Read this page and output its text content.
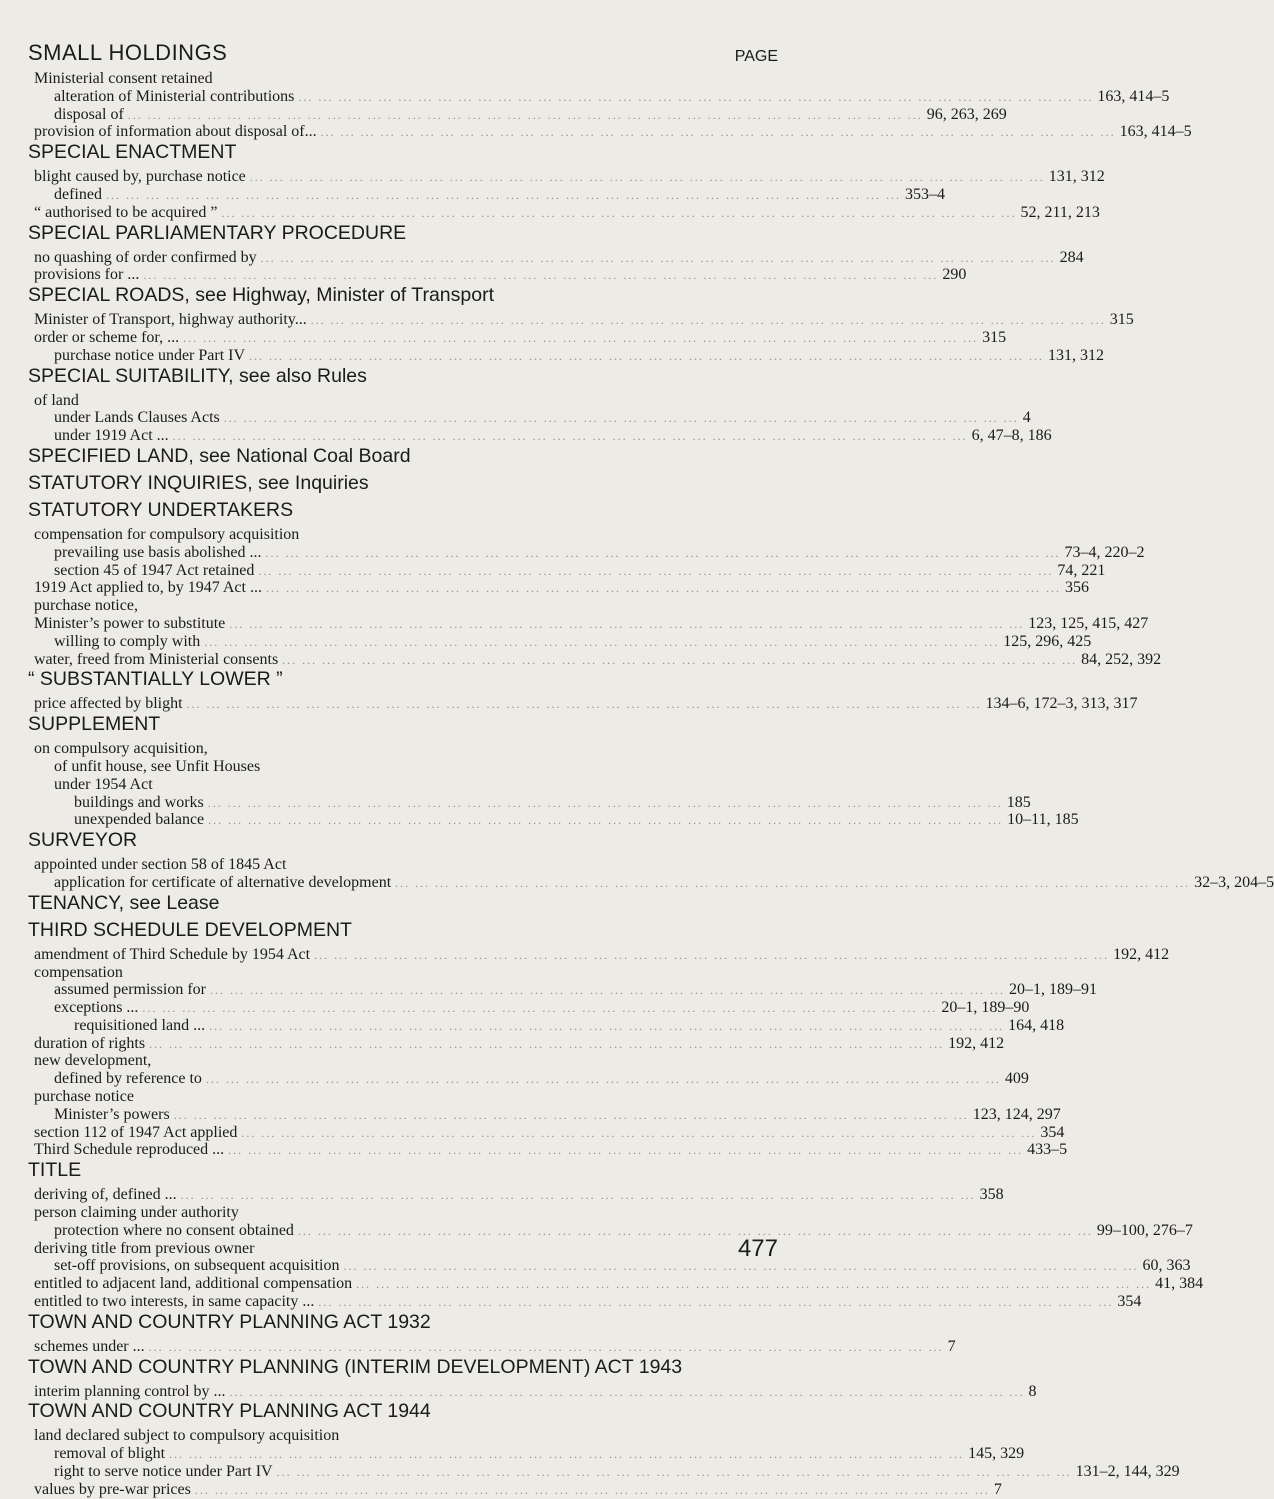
SMALL HOLDINGS	PAGE
Ministerial consent retained
alteration of Ministerial contributions ... ... ... ... ... ... ... ... ... ... ... ... ... ... ... ... ... ... ... ... ... ... ... ... ... ... ... ... ... ... ... ... ... ... ... ... ... ... ... ... 163, 414–5
disposal of ... ... ... ... ... ... ... ... ... ... ... ... ... ... ... ... ... ... ... ... ... ... ... ... ... ... ... ... ... ... ... ... ... ... ... ... ... ... ... ... 96, 263, 269
provision of information about disposal of... ... ... ... ... ... ... ... ... ... ... ... ... ... ... ... ... ... ... ... ... ... ... ... ... ... ... ... ... ... ... ... ... ... ... ... ... ... ... ... ... 163, 414–5
SPECIAL ENACTMENT
blight caused by, purchase notice ... ... ... ... ... ... ... ... ... ... ... ... ... ... ... ... ... ... ... ... ... ... ... ... ... ... ... ... ... ... ... ... ... ... ... ... ... ... ... ... 131, 312
defined ... ... ... ... ... ... ... ... ... ... ... ... ... ... ... ... ... ... ... ... ... ... ... ... ... ... ... ... ... ... ... ... ... ... ... ... ... ... ... ... 353–4
“ authorised to be acquired ” ... ... ... ... ... ... ... ... ... ... ... ... ... ... ... ... ... ... ... ... ... ... ... ... ... ... ... ... ... ... ... ... ... ... ... ... ... ... ... ... 52, 211, 213
SPECIAL PARLIAMENTARY PROCEDURE
no quashing of order confirmed by ... ... ... ... ... ... ... ... ... ... ... ... ... ... ... ... ... ... ... ... ... ... ... ... ... ... ... ... ... ... ... ... ... ... ... ... ... ... ... ... 284
provisions for ... ... ... ... ... ... ... ... ... ... ... ... ... ... ... ... ... ... ... ... ... ... ... ... ... ... ... ... ... ... ... ... ... ... ... ... ... ... ... ... ... 290
SPECIAL ROADS, see Highway, Minister of Transport
Minister of Transport, highway authority... ... ... ... ... ... ... ... ... ... ... ... ... ... ... ... ... ... ... ... ... ... ... ... ... ... ... ... ... ... ... ... ... ... ... ... ... ... ... ... ... 315
order or scheme for, ... ... ... ... ... ... ... ... ... ... ... ... ... ... ... ... ... ... ... ... ... ... ... ... ... ... ... ... ... ... ... ... ... ... ... ... ... ... ... ... ... 315
purchase notice under Part IV ... ... ... ... ... ... ... ... ... ... ... ... ... ... ... ... ... ... ... ... ... ... ... ... ... ... ... ... ... ... ... ... ... ... ... ... ... ... ... ... 131, 312
SPECIAL SUITABILITY, see also Rules
of land
under Lands Clauses Acts ... ... ... ... ... ... ... ... ... ... ... ... ... ... ... ... ... ... ... ... ... ... ... ... ... ... ... ... ... ... ... ... ... ... ... ... ... ... ... ... 4
under 1919 Act ... ... ... ... ... ... ... ... ... ... ... ... ... ... ... ... ... ... ... ... ... ... ... ... ... ... ... ... ... ... ... ... ... ... ... ... ... ... ... ... ... 6, 47–8, 186
SPECIFIED LAND, see National Coal Board
STATUTORY INQUIRIES, see Inquiries
STATUTORY UNDERTAKERS
compensation for compulsory acquisition
prevailing use basis abolished ... ... ... ... ... ... ... ... ... ... ... ... ... ... ... ... ... ... ... ... ... ... ... ... ... ... ... ... ... ... ... ... ... ... ... ... ... ... ... ... ... 73–4, 220–2
section 45 of 1947 Act retained ... ... ... ... ... ... ... ... ... ... ... ... ... ... ... ... ... ... ... ... ... ... ... ... ... ... ... ... ... ... ... ... ... ... ... ... ... ... ... ... 74, 221
1919 Act applied to, by 1947 Act ... ... ... ... ... ... ... ... ... ... ... ... ... ... ... ... ... ... ... ... ... ... ... ... ... ... ... ... ... ... ... ... ... ... ... ... ... ... ... ... ... 356
purchase notice,
Minister’s power to substitute ... ... ... ... ... ... ... ... ... ... ... ... ... ... ... ... ... ... ... ... ... ... ... ... ... ... ... ... ... ... ... ... ... ... ... ... ... ... ... ... 123, 125, 415, 427
willing to comply with ... ... ... ... ... ... ... ... ... ... ... ... ... ... ... ... ... ... ... ... ... ... ... ... ... ... ... ... ... ... ... ... ... ... ... ... ... ... ... ... 125, 296, 425
water, freed from Ministerial consents ... ... ... ... ... ... ... ... ... ... ... ... ... ... ... ... ... ... ... ... ... ... ... ... ... ... ... ... ... ... ... ... ... ... ... ... ... ... ... ... 84, 252, 392
“ SUBSTANTIALLY LOWER ”
price affected by blight ... ... ... ... ... ... ... ... ... ... ... ... ... ... ... ... ... ... ... ... ... ... ... ... ... ... ... ... ... ... ... ... ... ... ... ... ... ... ... ... 134–6, 172–3, 313, 317
SUPPLEMENT
on compulsory acquisition,
of unfit house, see Unfit Houses
under 1954 Act
buildings and works ... ... ... ... ... ... ... ... ... ... ... ... ... ... ... ... ... ... ... ... ... ... ... ... ... ... ... ... ... ... ... ... ... ... ... ... ... ... ... ... 185
unexpended balance ... ... ... ... ... ... ... ... ... ... ... ... ... ... ... ... ... ... ... ... ... ... ... ... ... ... ... ... ... ... ... ... ... ... ... ... ... ... ... ... 10–11, 185
SURVEYOR
appointed under section 58 of 1845 Act
application for certificate of alternative development ... ... ... ... ... ... ... ... ... ... ... ... ... ... ... ... ... ... ... ... ... ... ... ... ... ... ... ... ... ... ... ... ... ... ... ... ... ... ... ... 32–3, 204–5
TENANCY, see Lease
THIRD SCHEDULE DEVELOPMENT
amendment of Third Schedule by 1954 Act ... ... ... ... ... ... ... ... ... ... ... ... ... ... ... ... ... ... ... ... ... ... ... ... ... ... ... ... ... ... ... ... ... ... ... ... ... ... ... ... 192, 412
compensation
assumed permission for ... ... ... ... ... ... ... ... ... ... ... ... ... ... ... ... ... ... ... ... ... ... ... ... ... ... ... ... ... ... ... ... ... ... ... ... ... ... ... ... 20–1, 189–91
exceptions ... ... ... ... ... ... ... ... ... ... ... ... ... ... ... ... ... ... ... ... ... ... ... ... ... ... ... ... ... ... ... ... ... ... ... ... ... ... ... ... ... 20–1, 189–90
requisitioned land ... ... ... ... ... ... ... ... ... ... ... ... ... ... ... ... ... ... ... ... ... ... ... ... ... ... ... ... ... ... ... ... ... ... ... ... ... ... ... ... ... 164, 418
duration of rights ... ... ... ... ... ... ... ... ... ... ... ... ... ... ... ... ... ... ... ... ... ... ... ... ... ... ... ... ... ... ... ... ... ... ... ... ... ... ... ... 192, 412
new development,
defined by reference to ... ... ... ... ... ... ... ... ... ... ... ... ... ... ... ... ... ... ... ... ... ... ... ... ... ... ... ... ... ... ... ... ... ... ... ... ... ... ... ... 409
purchase notice
Minister’s powers ... ... ... ... ... ... ... ... ... ... ... ... ... ... ... ... ... ... ... ... ... ... ... ... ... ... ... ... ... ... ... ... ... ... ... ... ... ... ... ... 123, 124, 297
section 112 of 1947 Act applied ... ... ... ... ... ... ... ... ... ... ... ... ... ... ... ... ... ... ... ... ... ... ... ... ... ... ... ... ... ... ... ... ... ... ... ... ... ... ... ... 354
Third Schedule reproduced ... ... ... ... ... ... ... ... ... ... ... ... ... ... ... ... ... ... ... ... ... ... ... ... ... ... ... ... ... ... ... ... ... ... ... ... ... ... ... ... ... 433–5
TITLE
deriving of, defined ... ... ... ... ... ... ... ... ... ... ... ... ... ... ... ... ... ... ... ... ... ... ... ... ... ... ... ... ... ... ... ... ... ... ... ... ... ... ... ... ... 358
person claiming under authority
protection where no consent obtained ... ... ... ... ... ... ... ... ... ... ... ... ... ... ... ... ... ... ... ... ... ... ... ... ... ... ... ... ... ... ... ... ... ... ... ... ... ... ... ... 99–100, 276–7
deriving title from previous owner
set-off provisions, on subsequent acquisition ... ... ... ... ... ... ... ... ... ... ... ... ... ... ... ... ... ... ... ... ... ... ... ... ... ... ... ... ... ... ... ... ... ... ... ... ... ... ... ... 60, 363
entitled to adjacent land, additional compensation ... ... ... ... ... ... ... ... ... ... ... ... ... ... ... ... ... ... ... ... ... ... ... ... ... ... ... ... ... ... ... ... ... ... ... ... ... ... ... ... 41, 384
entitled to two interests, in same capacity ... ... ... ... ... ... ... ... ... ... ... ... ... ... ... ... ... ... ... ... ... ... ... ... ... ... ... ... ... ... ... ... ... ... ... ... ... ... ... ... ... 354
TOWN AND COUNTRY PLANNING ACT 1932
schemes under ... ... ... ... ... ... ... ... ... ... ... ... ... ... ... ... ... ... ... ... ... ... ... ... ... ... ... ... ... ... ... ... ... ... ... ... ... ... ... ... ... 7
TOWN AND COUNTRY PLANNING (INTERIM DEVELOPMENT) ACT 1943
interim planning control by ... ... ... ... ... ... ... ... ... ... ... ... ... ... ... ... ... ... ... ... ... ... ... ... ... ... ... ... ... ... ... ... ... ... ... ... ... ... ... ... ... 8
TOWN AND COUNTRY PLANNING ACT 1944
land declared subject to compulsory acquisition
removal of blight ... ... ... ... ... ... ... ... ... ... ... ... ... ... ... ... ... ... ... ... ... ... ... ... ... ... ... ... ... ... ... ... ... ... ... ... ... ... ... ... 145, 329
right to serve notice under Part IV ... ... ... ... ... ... ... ... ... ... ... ... ... ... ... ... ... ... ... ... ... ... ... ... ... ... ... ... ... ... ... ... ... ... ... ... ... ... ... ... 131–2, 144, 329
values by pre-war prices ... ... ... ... ... ... ... ... ... ... ... ... ... ... ... ... ... ... ... ... ... ... ... ... ... ... ... ... ... ... ... ... ... ... ... ... ... ... ... ... 7
477
